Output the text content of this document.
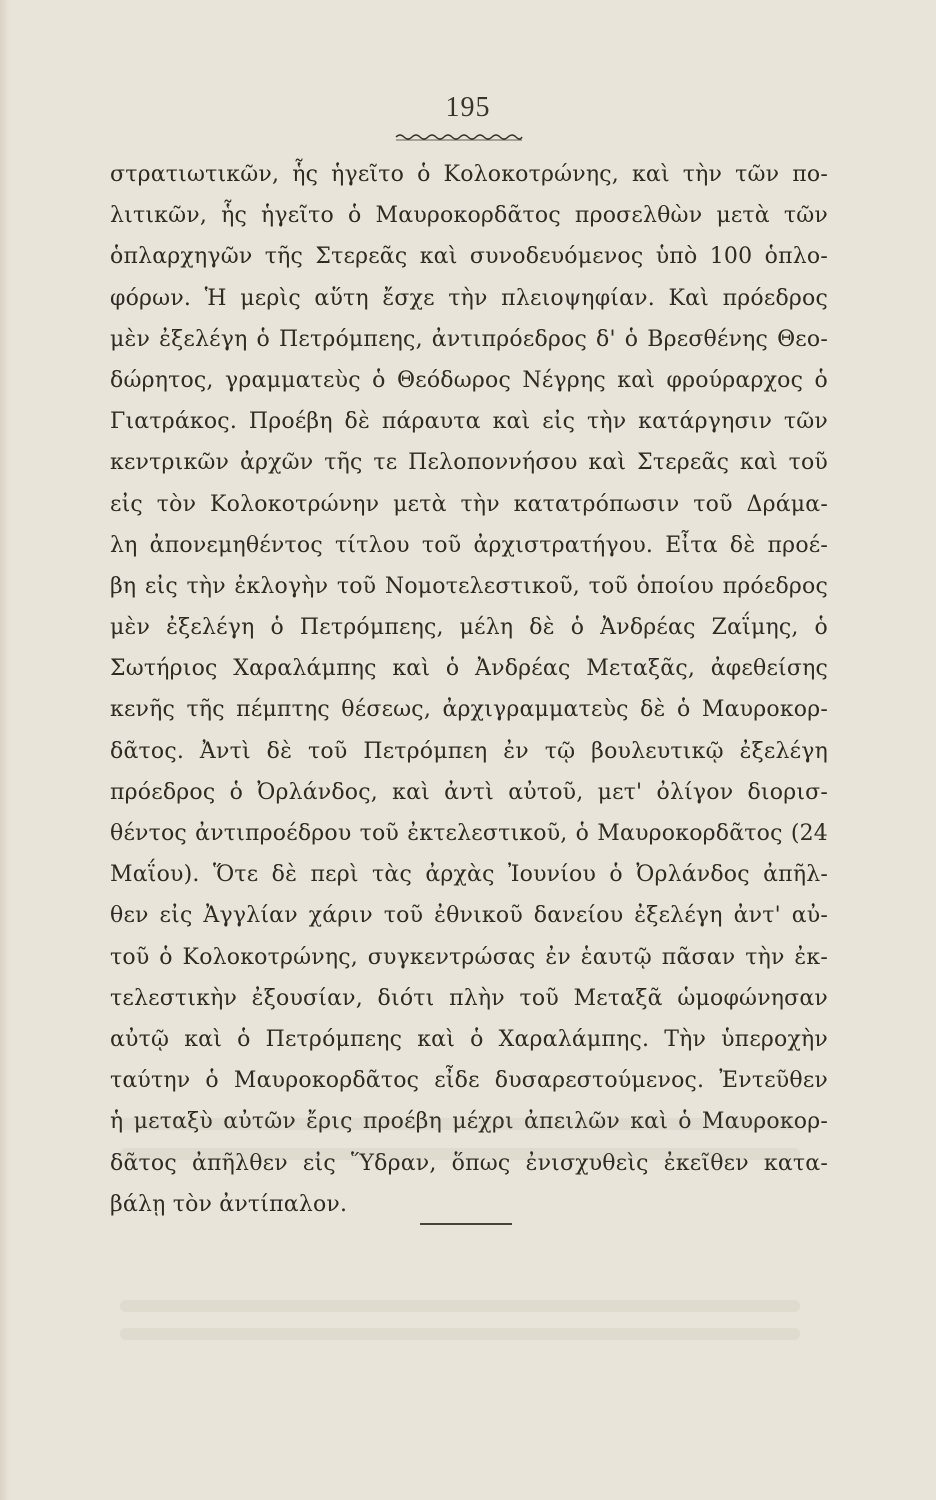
195
στρατιωτικῶν, ἧς ἡγεῖτο ὁ Κολοκοτρώνης, καὶ τὴν τῶν πο-
λιτικῶν, ἧς ἡγεῖτο ὁ Μαυροκορδᾶτος προσελθὼν μετὰ τῶν
ὁπλαρχηγῶν τῆς Στερεᾶς καὶ συνοδευόμενος ὑπὸ 100 ὁπλο-
φόρων. Ἡ μερὶς αὕτη ἔσχε τὴν πλειοψηφίαν. Καὶ πρόεδρος
μὲν ἐξελέγη ὁ Πετρόμπεης, ἀντιπρόεδρος δ' ὁ Βρεσθένης Θεο-
δώρητος, γραμματεὺς ὁ Θεόδωρος Νέγρης καὶ φρούραρχος ὁ
Γιατράκος. Προέβη δὲ πάραυτα καὶ εἰς τὴν κατάργησιν τῶν
κεντρικῶν ἀρχῶν τῆς τε Πελοποννήσου καὶ Στερεᾶς καὶ τοῦ
εἰς τὸν Κολοκοτρώνην μετὰ τὴν κατατρόπωσιν τοῦ Δράμα-
λη ἀπονεμηθέντος τίτλου τοῦ ἀρχιστρατήγου. Εἶτα δὲ προέ-
βη εἰς τὴν ἐκλογὴν τοῦ Νομοτελεστικοῦ, τοῦ ὁποίου πρόεδρος
μὲν ἐξελέγη ὁ Πετρόμπεης, μέλη δὲ ὁ Ἀνδρέας Ζαΐμης, ὁ
Σωτήριος Χαραλάμπης καὶ ὁ Ἀνδρέας Μεταξᾶς, ἀφεθείσης
κενῆς τῆς πέμπτης θέσεως, ἀρχιγραμματεὺς δὲ ὁ Μαυροκορ-
δᾶτος. Ἀντὶ δὲ τοῦ Πετρόμπεη ἐν τῷ βουλευτικῷ ἐξελέγη
πρόεδρος ὁ Ὀρλάνδος, καὶ ἀντὶ αὐτοῦ, μετ' ὀλίγον διορισ-
θέντος ἀντιπροέδρου τοῦ ἐκτελεστικοῦ, ὁ Μαυροκορδᾶτος (24
Μαΐου). Ὅτε δὲ περὶ τὰς ἀρχὰς Ἰουνίου ὁ Ὀρλάνδος ἀπῆλ-
θεν εἰς Ἀγγλίαν χάριν τοῦ ἐθνικοῦ δανείου ἐξελέγη ἀντ' αὐ-
τοῦ ὁ Κολοκοτρώνης, συγκεντρώσας ἐν ἑαυτῷ πᾶσαν τὴν ἐκ-
τελεστικὴν ἐξουσίαν, διότι πλὴν τοῦ Μεταξᾶ ὡμοφώνησαν
αὐτῷ καὶ ὁ Πετρόμπεης καὶ ὁ Χαραλάμπης. Τὴν ὑπεροχὴν
ταύτην ὁ Μαυροκορδᾶτος εἶδε δυσαρεστούμενος. Ἐντεῦθεν
ἡ μεταξὺ αὐτῶν ἔρις προέβη μέχρι ἀπειλῶν καὶ ὁ Μαυροκορ-
δᾶτος ἀπῆλθεν εἰς Ὕδραν, ὅπως ἐνισχυθεὶς ἐκεῖθεν κατα-
βάλῃ τὸν ἀντίπαλον.
